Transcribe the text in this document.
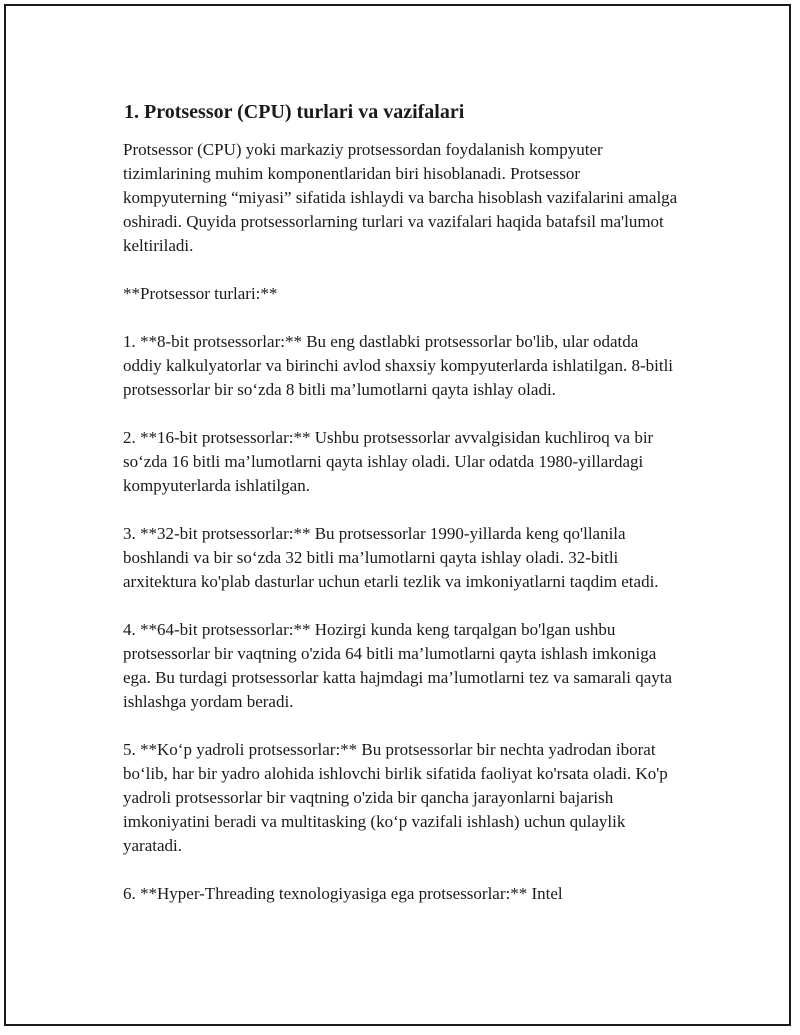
1. Protsessor (CPU) turlari va vazifalari

Protsessor (CPU) yoki markaziy protsessordan foydalanish kompyuter tizimlarining muhim komponentlaridan biri hisoblanadi. Protsessor kompyuterning “miyasi” sifatida ishlaydi va barcha hisoblash vazifalarini amalga oshiradi. Quyida protsessorlarning turlari va vazifalari haqida batafsil ma'lumot keltiriladi.

**Protsessor turlari:**

1. **8-bit protsessorlar:** Bu eng dastlabki protsessorlar bo'lib, ular odatda oddiy kalkulyatorlar va birinchi avlod shaxsiy kompyuterlarda ishlatilgan. 8-bitli protsessorlar bir so‘zda 8 bitli ma’lumotlarni qayta ishlay oladi.

2. **16-bit protsessorlar:** Ushbu protsessorlar avvalgisidan kuchliroq va bir so‘zda 16 bitli ma’lumotlarni qayta ishlay oladi. Ular odatda 1980-yillardagi kompyuterlarda ishlatilgan.

3. **32-bit protsessorlar:** Bu protsessorlar 1990-yillarda keng qo'llanila boshlandi va bir so‘zda 32 bitli ma’lumotlarni qayta ishlay oladi. 32-bitli arxitektura ko'plab dasturlar uchun etarli tezlik va imkoniyatlarni taqdim etadi.

4. **64-bit protsessorlar:** Hozirgi kunda keng tarqalgan bo'lgan ushbu protsessorlar bir vaqtning o'zida 64 bitli ma’lumotlarni qayta ishlash imkoniga ega. Bu turdagi protsessorlar katta hajmdagi ma’lumotlarni tez va samarali qayta ishlashga yordam beradi.

5. **Ko‘p yadroli protsessorlar:** Bu protsessorlar bir nechta yadrodan iborat bo‘lib, har bir yadro alohida ishlovchi birlik sifatida faoliyat ko'rsata oladi. Ko'p yadroli protsessorlar bir vaqtning o'zida bir qancha jarayonlarni bajarish imkoniyatini beradi va multitasking (ko‘p vazifali ishlash) uchun qulaylik yaratadi.

6. **Hyper-Threading texnologiyasiga ega protsessorlar:** Intel
